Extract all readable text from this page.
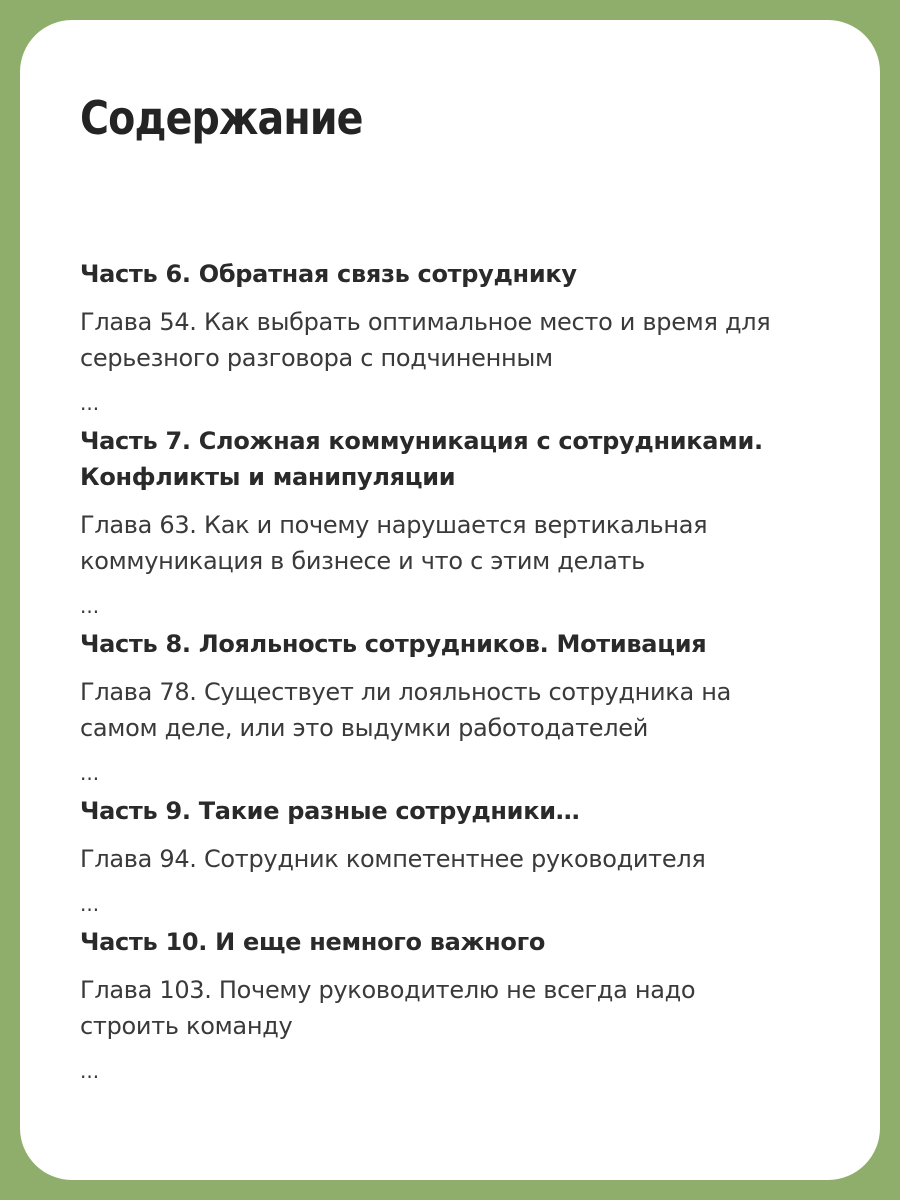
Содержание

Часть 6. Обратная связь сотруднику

Глава 54. Как выбрать оптимальное место и время для серьезного разговора с подчиненным

...

Часть 7. Сложная коммуникация с сотрудниками.
Конфликты и манипуляции

Глава 63. Как и почему нарушается вертикальная коммуникация в бизнесе и что с этим делать

...

Часть 8. Лояльность сотрудников. Мотивация

Глава 78. Существует ли лояльность сотрудника на самом деле, или это выдумки работодателей

...

Часть 9. Такие разные сотрудники…

Глава 94. Сотрудник компетентнее руководителя

...

Часть 10. И еще немного важного

Глава 103. Почему руководителю не всегда надо строить команду

...
